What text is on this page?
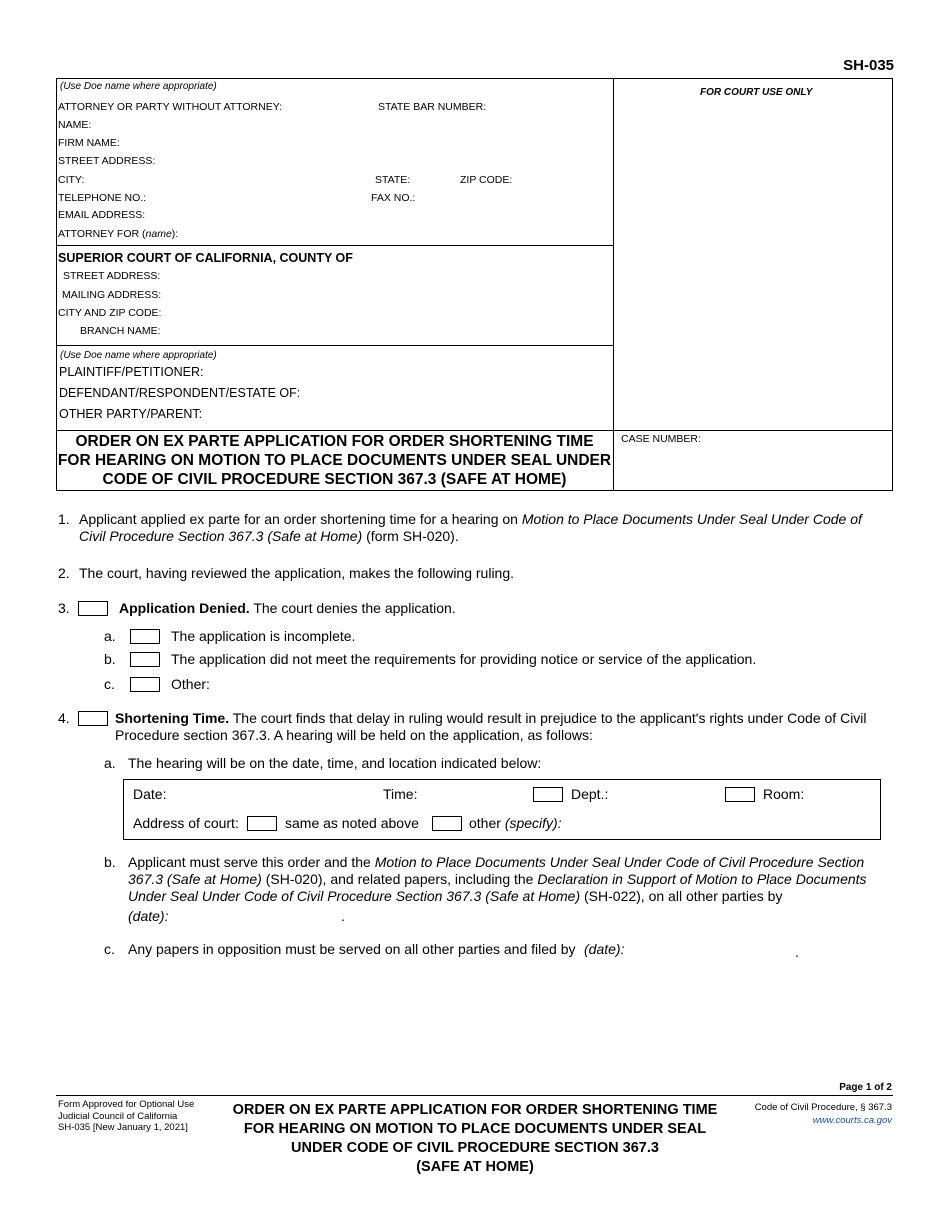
SH-035
(Use Doe name where appropriate)
ATTORNEY OR PARTY WITHOUT ATTORNEY:	STATE BAR NUMBER:
NAME:
FIRM NAME:
STREET ADDRESS:
CITY:	STATE:	ZIP CODE:
TELEPHONE NO.:	FAX NO.:
EMAIL ADDRESS:
ATTORNEY FOR (name):
SUPERIOR COURT OF CALIFORNIA, COUNTY OF
STREET ADDRESS:
MAILING ADDRESS:
CITY AND ZIP CODE:
BRANCH NAME:
(Use Doe name where appropriate)
PLAINTIFF/PETITIONER:
DEFENDANT/RESPONDENT/ESTATE OF:
OTHER PARTY/PARENT:
FOR COURT USE ONLY
CASE NUMBER:
ORDER ON EX PARTE APPLICATION FOR ORDER SHORTENING TIME
FOR HEARING ON MOTION TO PLACE DOCUMENTS UNDER SEAL UNDER
CODE OF CIVIL PROCEDURE SECTION 367.3 (SAFE AT HOME)
1. Applicant applied ex parte for an order shortening time for a hearing on Motion to Place Documents Under Seal Under Code of Civil Procedure Section 367.3 (Safe at Home) (form SH-020).
2. The court, having reviewed the application, makes the following ruling.
3.	Application Denied. The court denies the application.
a.	The application is incomplete.
b.	The application did not meet the requirements for providing notice or service of the application.
c.	Other:
4.	Shortening Time. The court finds that delay in ruling would result in prejudice to the applicant's rights under Code of Civil Procedure section 367.3. A hearing will be held on the application, as follows:
a. The hearing will be on the date, time, and location indicated below:
Date:	Time:	Dept.:	Room:
Address of court:	same as noted above	other (specify):
b. Applicant must serve this order and the Motion to Place Documents Under Seal Under Code of Civil Procedure Section 367.3 (Safe at Home) (SH-020), and related papers, including the Declaration in Support of Motion to Place Documents Under Seal Under Code of Civil Procedure Section 367.3 (Safe at Home) (SH-022), on all other parties by
(date):	.
c. Any papers in opposition must be served on all other parties and filed by (date):	.
Page 1 of 2
Form Approved for Optional Use
Judicial Council of California
SH-035 [New January 1, 2021]
ORDER ON EX PARTE APPLICATION FOR ORDER SHORTENING TIME
FOR HEARING ON MOTION TO PLACE DOCUMENTS UNDER SEAL
UNDER CODE OF CIVIL PROCEDURE SECTION 367.3
(SAFE AT HOME)
Code of Civil Procedure, § 367.3
www.courts.ca.gov
